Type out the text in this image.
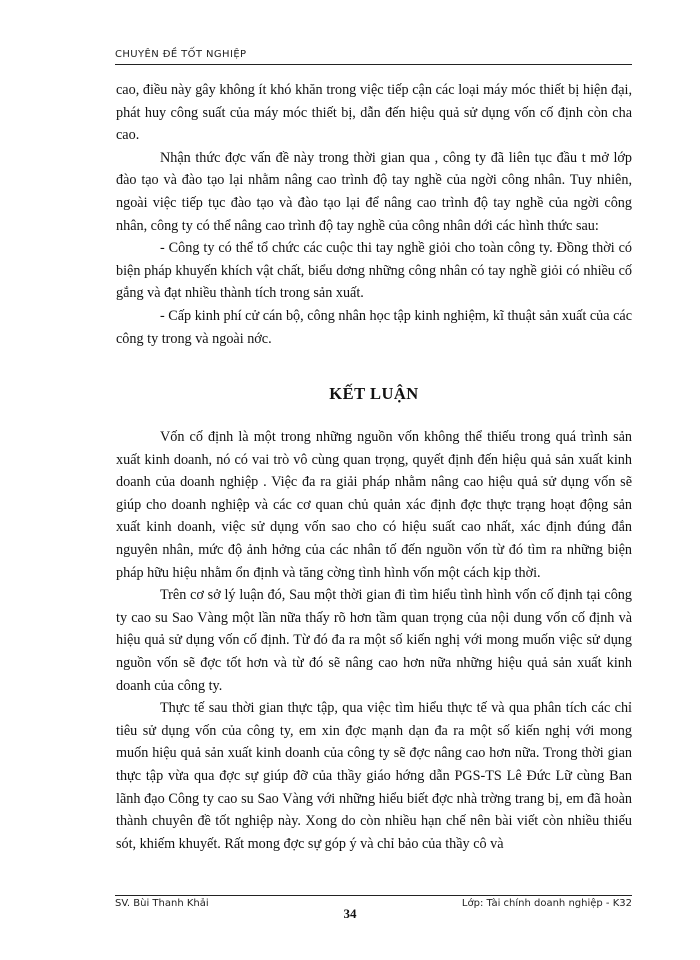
CHUYÊN ĐỀ TỐT NGHIỆP

cao, điều này gây không ít khó khăn trong việc tiếp cận các loại máy móc thiết bị hiện đại, phát huy công suất của máy móc thiết bị, dẫn đến hiệu quả sử dụng vốn cố định còn cha cao.

Nhận thức đợc vấn đề này trong thời gian qua , công ty đã liên tục đầu t mở lớp đào tạo và đào tạo lại nhằm nâng cao trình độ tay nghề của ngời công nhân. Tuy nhiên, ngoài việc tiếp tục đào tạo và đào tạo lại để nâng cao trình độ tay nghề của ngời công nhân, công ty có thể nâng cao trình độ tay nghề của công nhân dới các hình thức sau:

- Công ty có thể tổ chức các cuộc thi tay nghề giỏi cho toàn công ty. Đồng thời có biện pháp khuyến khích vật chất, biểu dơng những công nhân có tay nghề giỏi có nhiều cố gắng và đạt nhiều thành tích trong sản xuất.

- Cấp kinh phí cử cán bộ, công nhân học tập kinh nghiệm, kĩ thuật sản xuất của các công ty trong và ngoài nớc.

KẾT LUẬN

Vốn cố định là một trong những nguồn vốn không thể thiếu trong quá trình sản xuất kinh doanh, nó có vai trò vô cùng quan trọng, quyết định đến hiệu quả sản xuất kinh doanh của doanh nghiệp . Việc đa ra giải pháp nhằm nâng cao hiệu quả sử dụng vốn sẽ giúp cho doanh nghiệp và các cơ quan chủ quản xác định đợc thực trạng hoạt động sản xuất kinh doanh, việc sử dụng vốn sao cho có hiệu suất cao nhất, xác định đúng đắn nguyên nhân, mức độ ảnh hởng của các nhân tố đến nguồn vốn từ đó tìm ra những biện pháp hữu hiệu nhằm ổn định và tăng cờng tình hình vốn một cách kịp thời.

Trên cơ sở lý luận đó, Sau một thời gian đi tìm hiểu tình hình vốn cố định tại công ty cao su Sao Vàng một lần nữa thấy rõ hơn tầm quan trọng của nội dung vốn cố định và hiệu quả sử dụng vốn cố định. Từ đó đa ra một số kiến nghị với mong muốn việc sử dụng nguồn vốn sẽ đợc tốt hơn và từ đó sẽ nâng cao hơn nữa những hiệu quả sản xuất kinh doanh của công ty.

Thực tế sau thời gian thực tập, qua việc tìm hiểu thực tế và qua phân tích các chỉ tiêu sử dụng vốn của công ty, em xin đợc mạnh dạn đa ra một số kiến nghị với mong muốn hiệu quả sản xuất kinh doanh của công ty sẽ đợc nâng cao hơn nữa. Trong thời gian thực tập vừa qua đợc sự giúp đỡ của thầy giáo hớng dẫn PGS-TS Lê Đức Lữ cùng Ban lãnh đạo Công ty cao su Sao Vàng với những hiểu biết đợc nhà trờng trang bị, em đã hoàn thành chuyên đề tốt nghiệp này. Xong do còn nhiều hạn chế nên bài viết còn nhiều thiếu sót, khiếm khuyết. Rất mong đợc sự góp ý và chỉ bảo của thầy cô và

SV. Bùi Thanh Khải	Lớp: Tài chính doanh nghiệp - K32
34
